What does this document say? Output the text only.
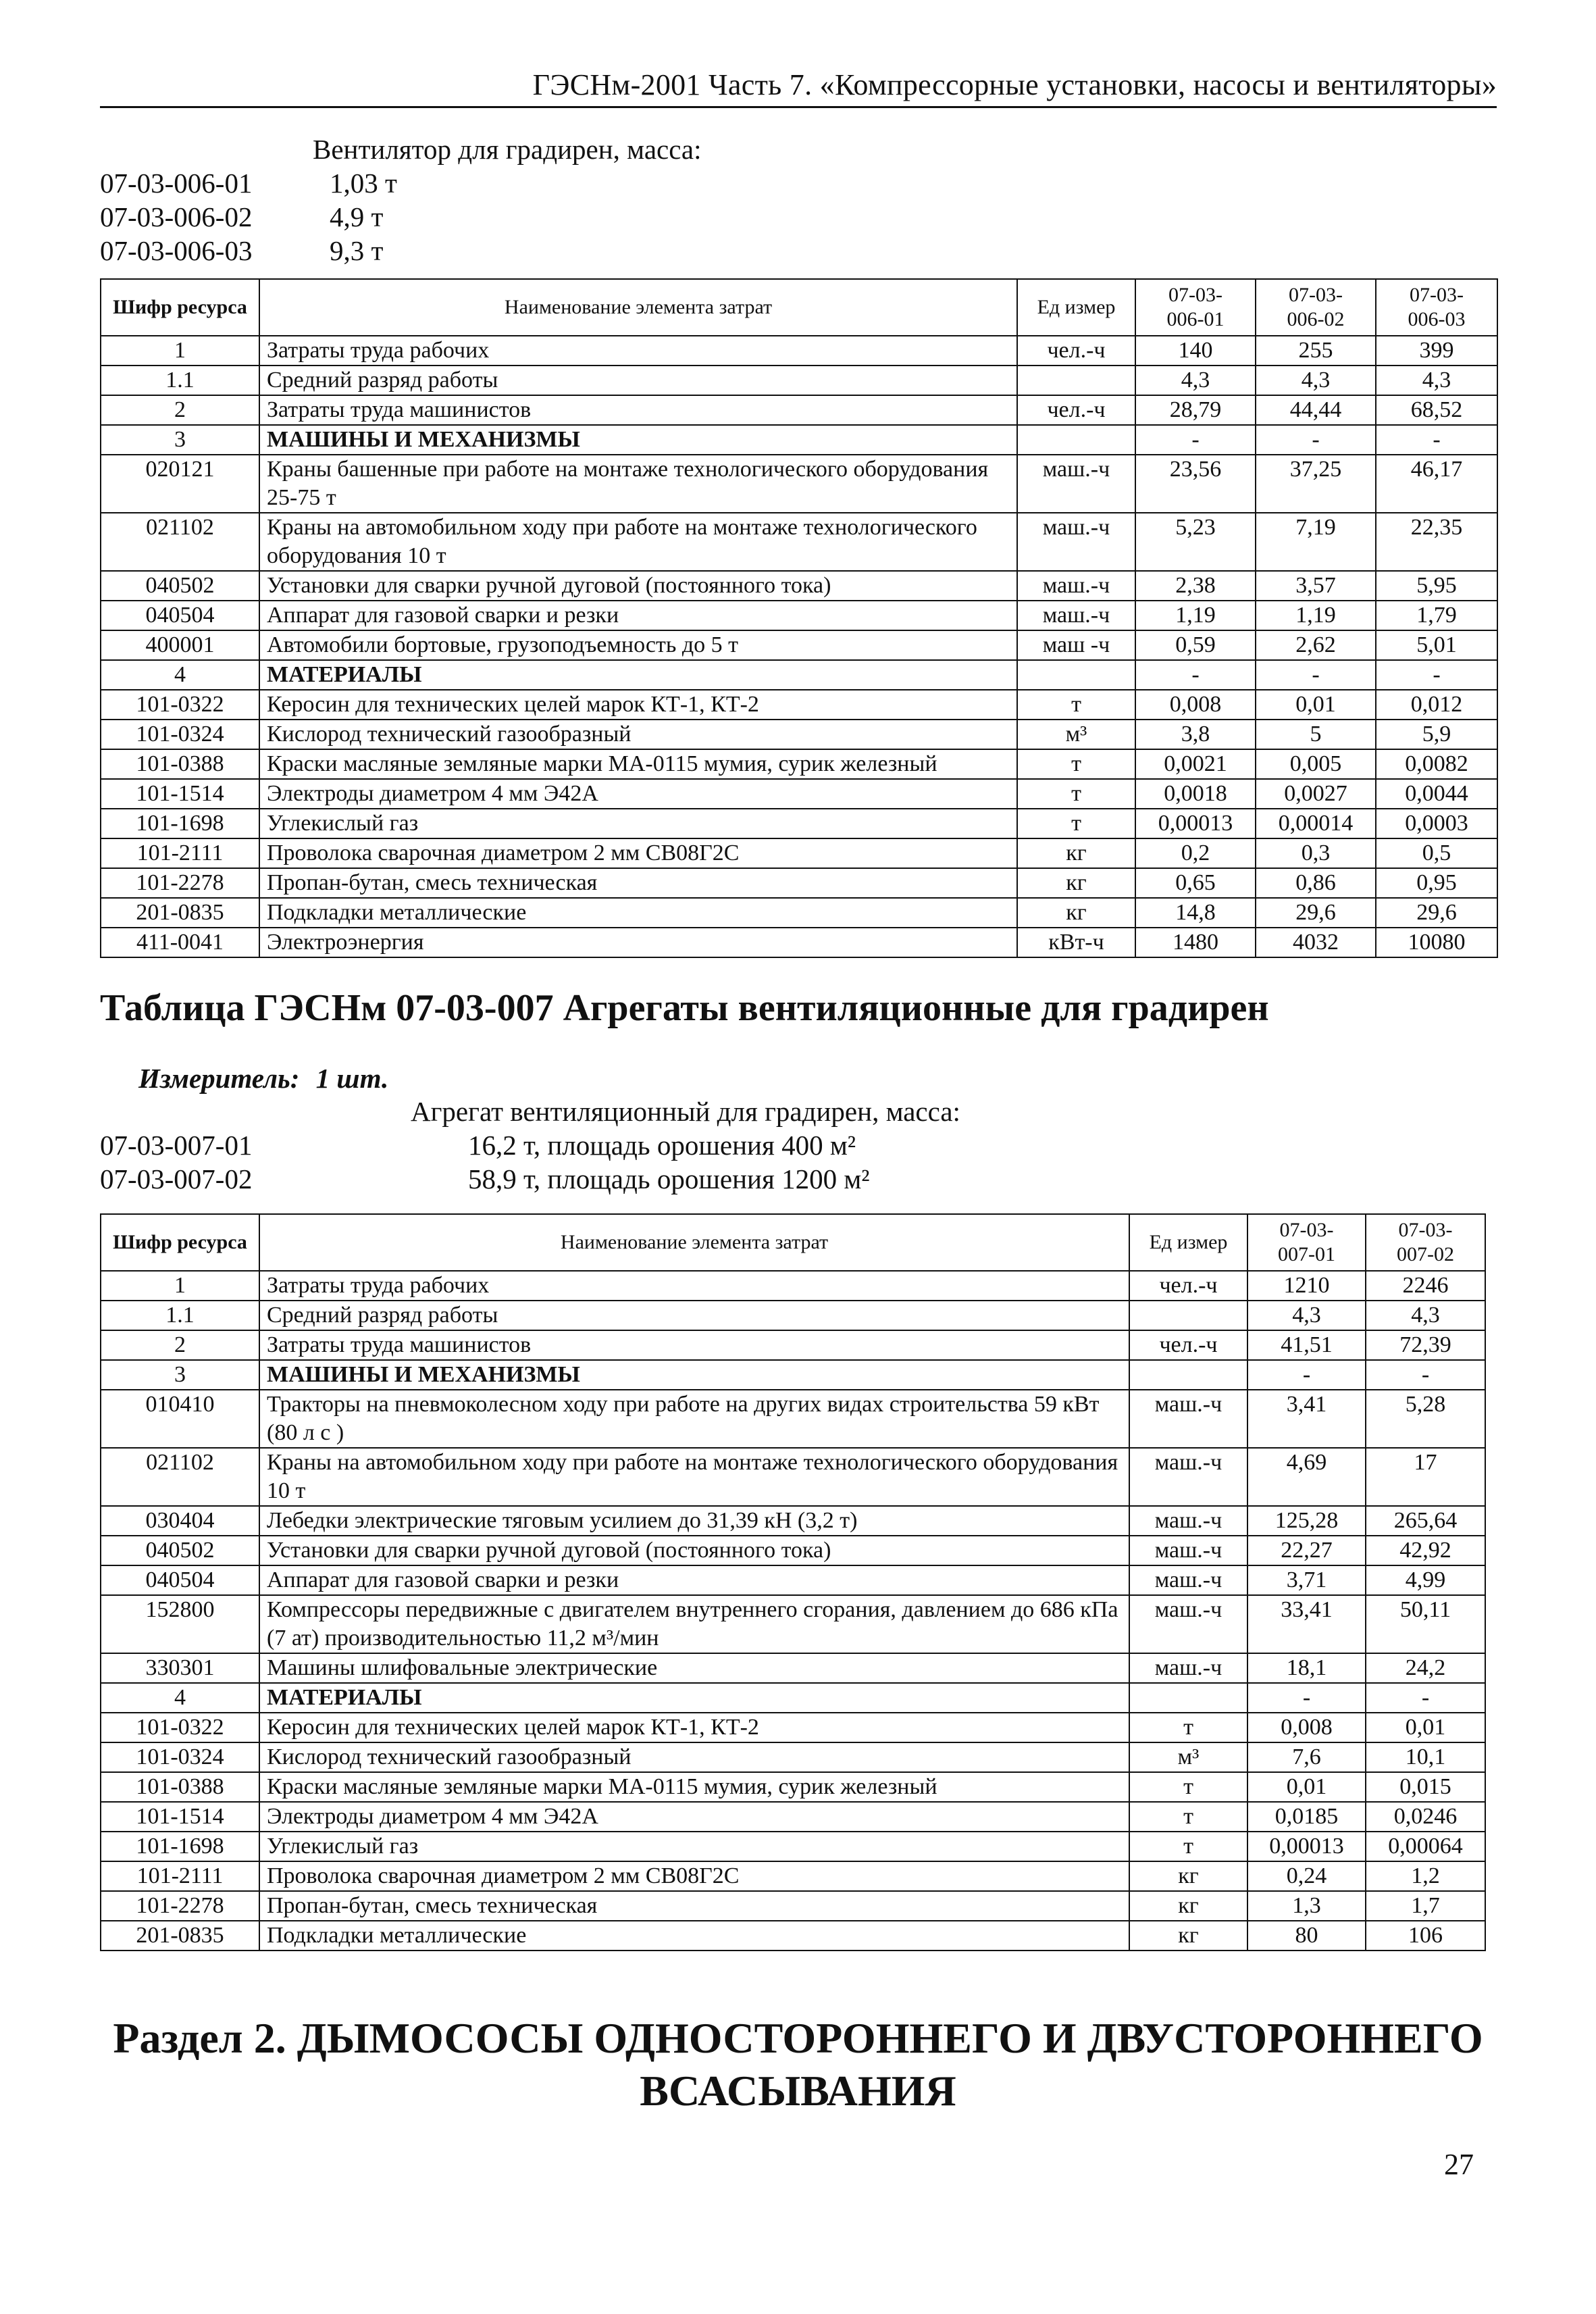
ГЭСНм-2001 Часть 7. «Компрессорные установки, насосы и вентиляторы»
Вентилятор для градирен, масса:
07-03-006-01	1,03 т
07-03-006-02	4,9 т
07-03-006-03	9,3 т
Шифр ресурса	Наименование элемента затрат	Ед измер	07-03-006-01	07-03-006-02	07-03-006-03
1	Затраты труда рабочих	чел.-ч	140	255	399
1.1	Средний разряд работы		4,3	4,3	4,3
2	Затраты труда машинистов	чел.-ч	28,79	44,44	68,52
3	МАШИНЫ И МЕХАНИЗМЫ		-	-	-
020121	Краны башенные при работе на монтаже технологического оборудования 25-75 т	маш.-ч	23,56	37,25	46,17
021102	Краны на автомобильном ходу при работе на монтаже технологического оборудования 10 т	маш.-ч	5,23	7,19	22,35
040502	Установки для сварки ручной дуговой (постоянного тока)	маш.-ч	2,38	3,57	5,95
040504	Аппарат для газовой сварки и резки	маш.-ч	1,19	1,19	1,79
400001	Автомобили бортовые, грузоподъемность до 5 т	маш -ч	0,59	2,62	5,01
4	МАТЕРИАЛЫ		-	-	-
101-0322	Керосин для технических целей марок КТ-1, КТ-2	т	0,008	0,01	0,012
101-0324	Кислород технический газообразный	м³	3,8	5	5,9
101-0388	Краски масляные земляные марки МА-0115 мумия, сурик железный	т	0,0021	0,005	0,0082
101-1514	Электроды диаметром 4 мм Э42А	т	0,0018	0,0027	0,0044
101-1698	Углекислый газ	т	0,00013	0,00014	0,0003
101-2111	Проволока сварочная диаметром 2 мм СВ08Г2С	кг	0,2	0,3	0,5
101-2278	Пропан-бутан, смесь техническая	кг	0,65	0,86	0,95
201-0835	Подкладки металлические	кг	14,8	29,6	29,6
411-0041	Электроэнергия	кВт-ч	1480	4032	10080
Таблица ГЭСНм 07-03-007 Агрегаты вентиляционные для градирен
Измеритель: 1 шт.
Агрегат вентиляционный для градирен, масса:
07-03-007-01	16,2 т, площадь орошения 400 м²
07-03-007-02	58,9 т, площадь орошения 1200 м²
Шифр ресурса	Наименование элемента затрат	Ед измер	07-03-007-01	07-03-007-02
1	Затраты труда рабочих	чел.-ч	1210	2246
1.1	Средний разряд работы		4,3	4,3
2	Затраты труда машинистов	чел.-ч	41,51	72,39
3	МАШИНЫ И МЕХАНИЗМЫ		-	-
010410	Тракторы на пневмоколесном ходу при работе на других видах строительства 59 кВт (80 л с )	маш.-ч	3,41	5,28
021102	Краны на автомобильном ходу при работе на монтаже технологического оборудования 10 т	маш.-ч	4,69	17
030404	Лебедки электрические тяговым усилием до 31,39 кН (3,2 т)	маш.-ч	125,28	265,64
040502	Установки для сварки ручной дуговой (постоянного тока)	маш.-ч	22,27	42,92
040504	Аппарат для газовой сварки и резки	маш.-ч	3,71	4,99
152800	Компрессоры передвижные с двигателем внутреннего сгорания, давлением до 686 кПа (7 ат) производительностью 11,2 м³/мин	маш.-ч	33,41	50,11
330301	Машины шлифовальные электрические	маш.-ч	18,1	24,2
4	МАТЕРИАЛЫ		-	-
101-0322	Керосин для технических целей марок КТ-1, КТ-2	т	0,008	0,01
101-0324	Кислород технический газообразный	м³	7,6	10,1
101-0388	Краски масляные земляные марки МА-0115 мумия, сурик железный	т	0,01	0,015
101-1514	Электроды диаметром 4 мм Э42А	т	0,0185	0,0246
101-1698	Углекислый газ	т	0,00013	0,00064
101-2111	Проволока сварочная диаметром 2 мм СВ08Г2С	кг	0,24	1,2
101-2278	Пропан-бутан, смесь техническая	кг	1,3	1,7
201-0835	Подкладки металлические	кг	80	106
Раздел 2. ДЫМОСОСЫ ОДНОСТОРОННЕГО И ДВУСТОРОННЕГО
ВСАСЫВАНИЯ
27
